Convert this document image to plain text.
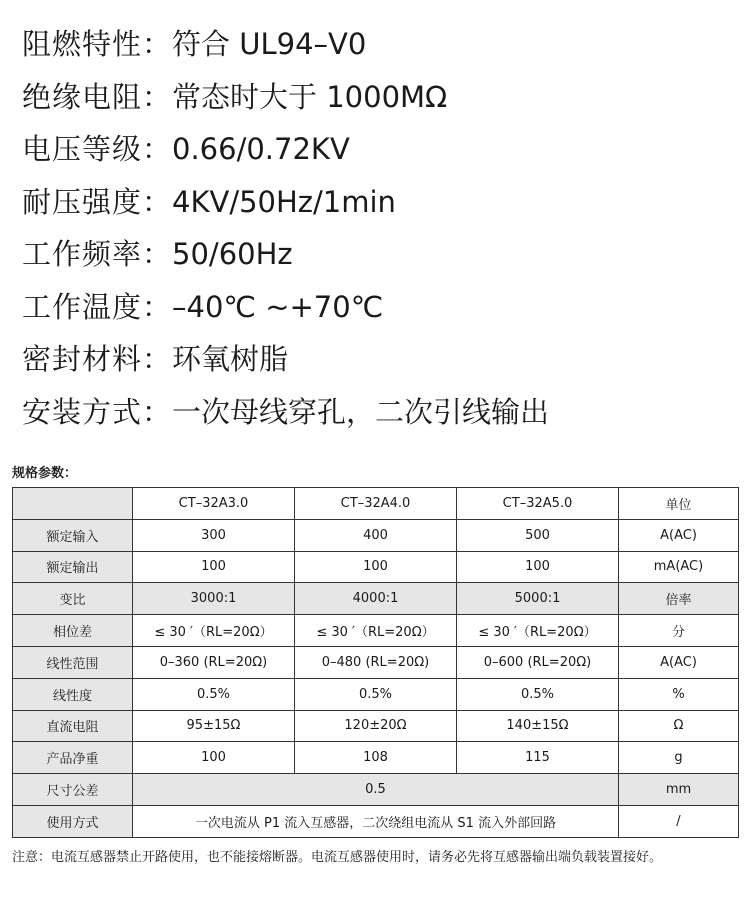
阻燃特性：符合 UL94–V0
绝缘电阻：常态时大于 1000MΩ
电压等级：0.66/0.72KV
耐压强度：4KV/50Hz/1min
工作频率：50/60Hz
工作温度：–40℃ ~+70℃
密封材料：环氧树脂
安装方式：一次母线穿孔，二次引线输出
规格参数：
	CT–32A3.0	CT–32A4.0	CT–32A5.0	单位
额定输入	300	400	500	A(AC)
额定输出	100	100	100	mA(AC)
变比	3000:1	4000:1	5000:1	倍率
相位差	≤ 30 ′（RL=20Ω）	≤ 30 ′（RL=20Ω）	≤ 30 ′（RL=20Ω）	分
线性范围	0–360 (RL=20Ω)	0–480 (RL=20Ω)	0–600 (RL=20Ω)	A(AC)
线性度	0.5%	0.5%	0.5%	%
直流电阻	95±15Ω	120±20Ω	140±15Ω	Ω
产品净重	100	108	115	g
尺寸公差	0.5			mm
使用方式	一次电流从 P1 流入互感器，二次绕组电流从 S1 流入外部回路			/
注意：电流互感器禁止开路使用，也不能接熔断器。电流互感器使用时，请务必先将互感器输出端负载装置接好。
